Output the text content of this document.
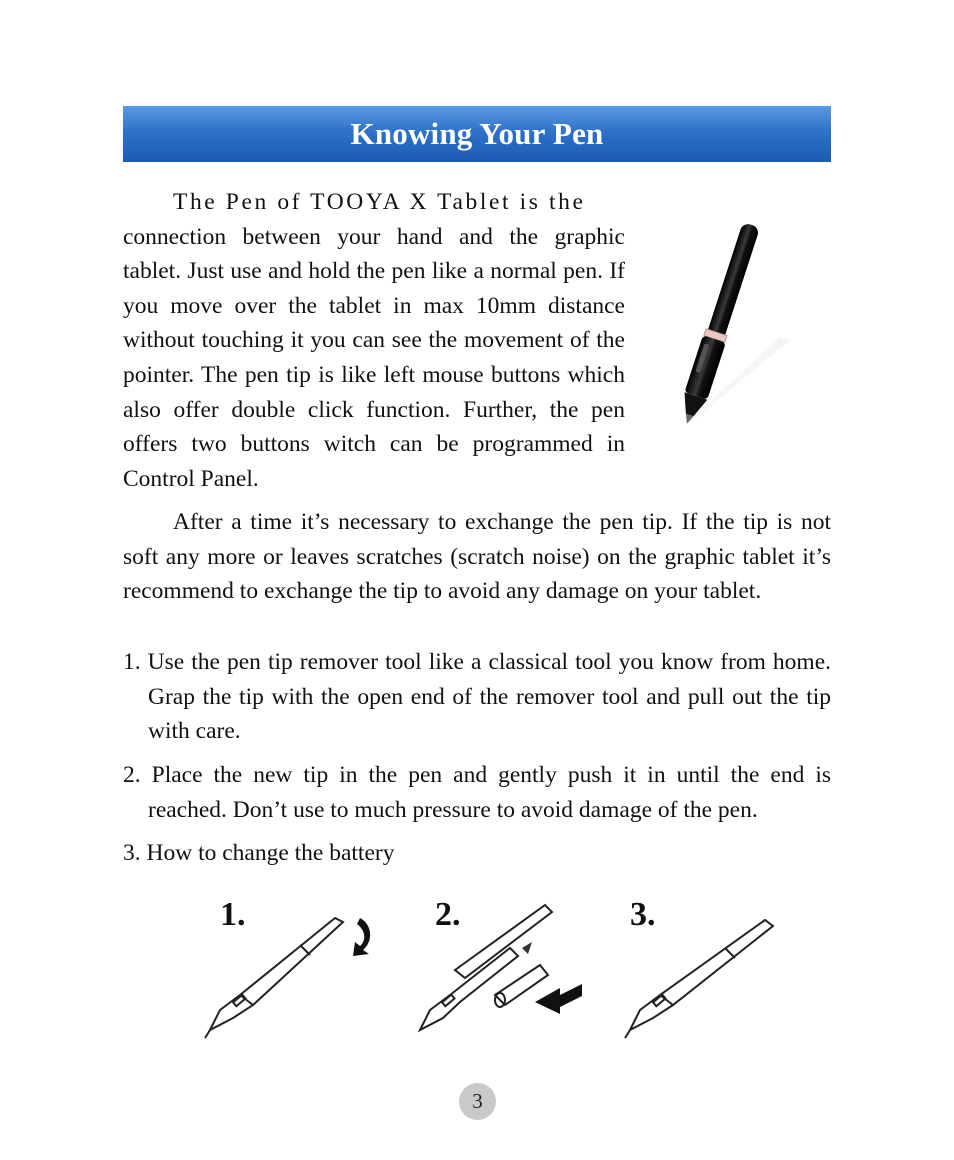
Knowing Your Pen

The Pen of TOOYA X Tablet is the
connection between your hand and the graphic tablet. Just use and hold the pen like a normal pen. If you move over the tablet in max 10mm distance without touching it you can see the movement of the pointer. The pen tip is like left mouse buttons which also offer double click function. Further, the pen offers two buttons witch can be programmed in Control Panel.

After a time it’s necessary to exchange the pen tip. If the tip is not soft any more or leaves scratches (scratch noise) on the graphic tablet it’s recommend to exchange the tip to avoid any damage on your tablet.

1. Use the pen tip remover tool like a classical tool you know from home. Grap the tip with the open end of the remover tool and pull out the tip with care.

2. Place the new tip in the pen and gently push it in until the end is reached. Don’t use to much pressure to avoid damage of the pen.

3. How to change the battery

1.	2.	3.
3
